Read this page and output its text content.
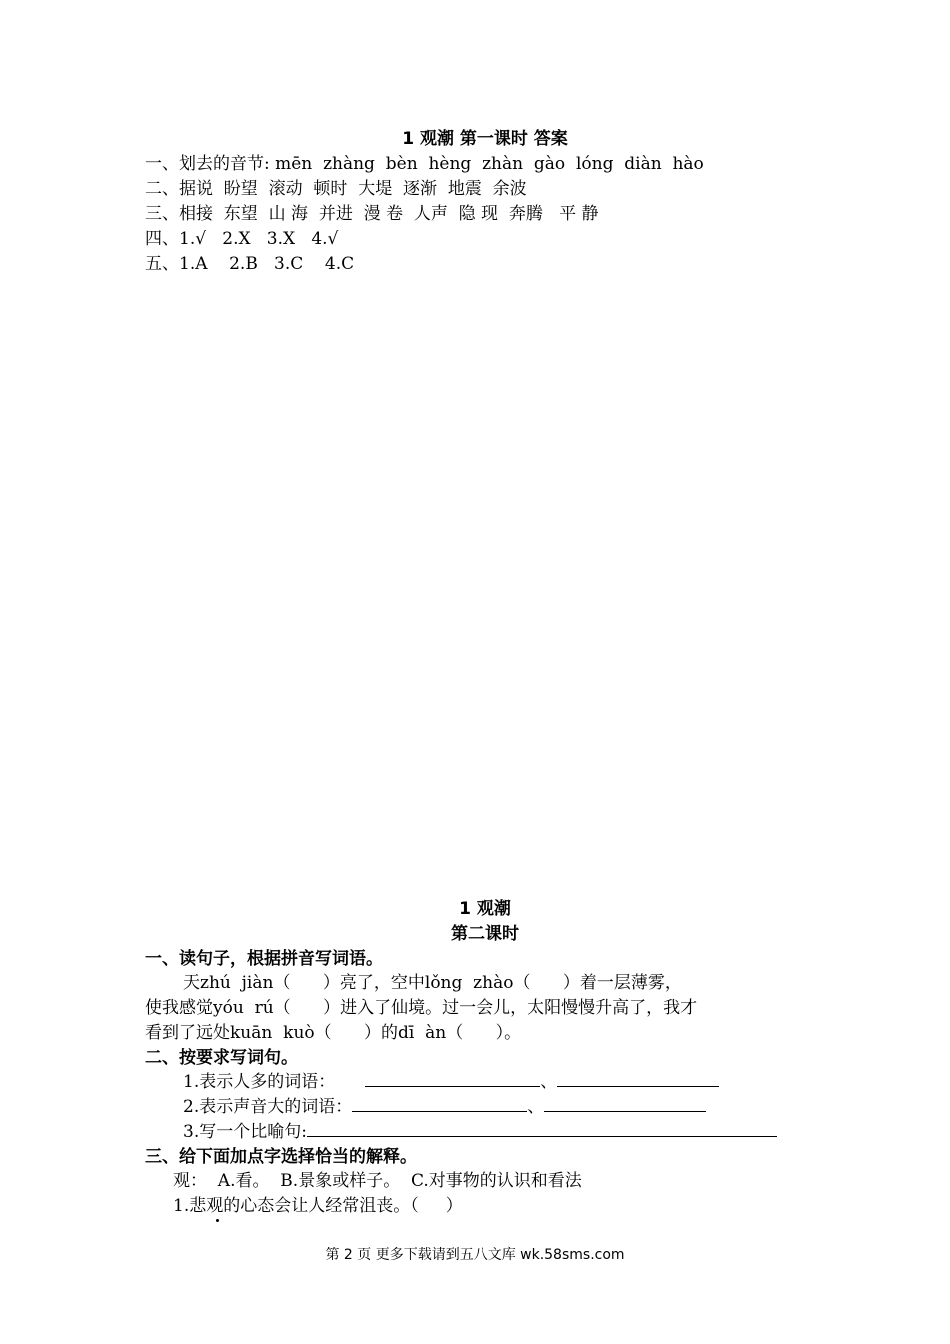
1 观潮 第一课时 答案
一、划去的音节: mēn  zhàng  bèn  hèng  zhàn  gào  lóng  diàn  hào
二、据说  盼望  滚动  顿时  大堤  逐渐  地震  余波
三、相接  东望  山 海  并进  漫 卷  人声  隐 现  奔腾   平 静
四、1.√   2.X   3.X   4.√
五、1.A    2.B   3.C    4.C
1 观潮
第二课时
一、读句子，根据拼音写词语。
天zhú  jiàn（      ）亮了，空中lǒng  zhào（      ）着一层薄雾，
使我感觉yóu  rú（      ）进入了仙境。过一会儿，太阳慢慢升高了，我才
看到了远处kuān  kuò（      ）的dī  àn（      ）。
二、按要求写词句。
1.表示人多的词语：	、
2.表示声音大的词语：	、
3.写一个比喻句:
三、给下面加点字选择恰当的解释。
观：  A.看。  B.景象或样子。  C.对事物的认识和看法
1.悲观的心态会让人经常沮丧。（     ）
第 2 页 更多下载请到五八文库 wk.58sms.com
